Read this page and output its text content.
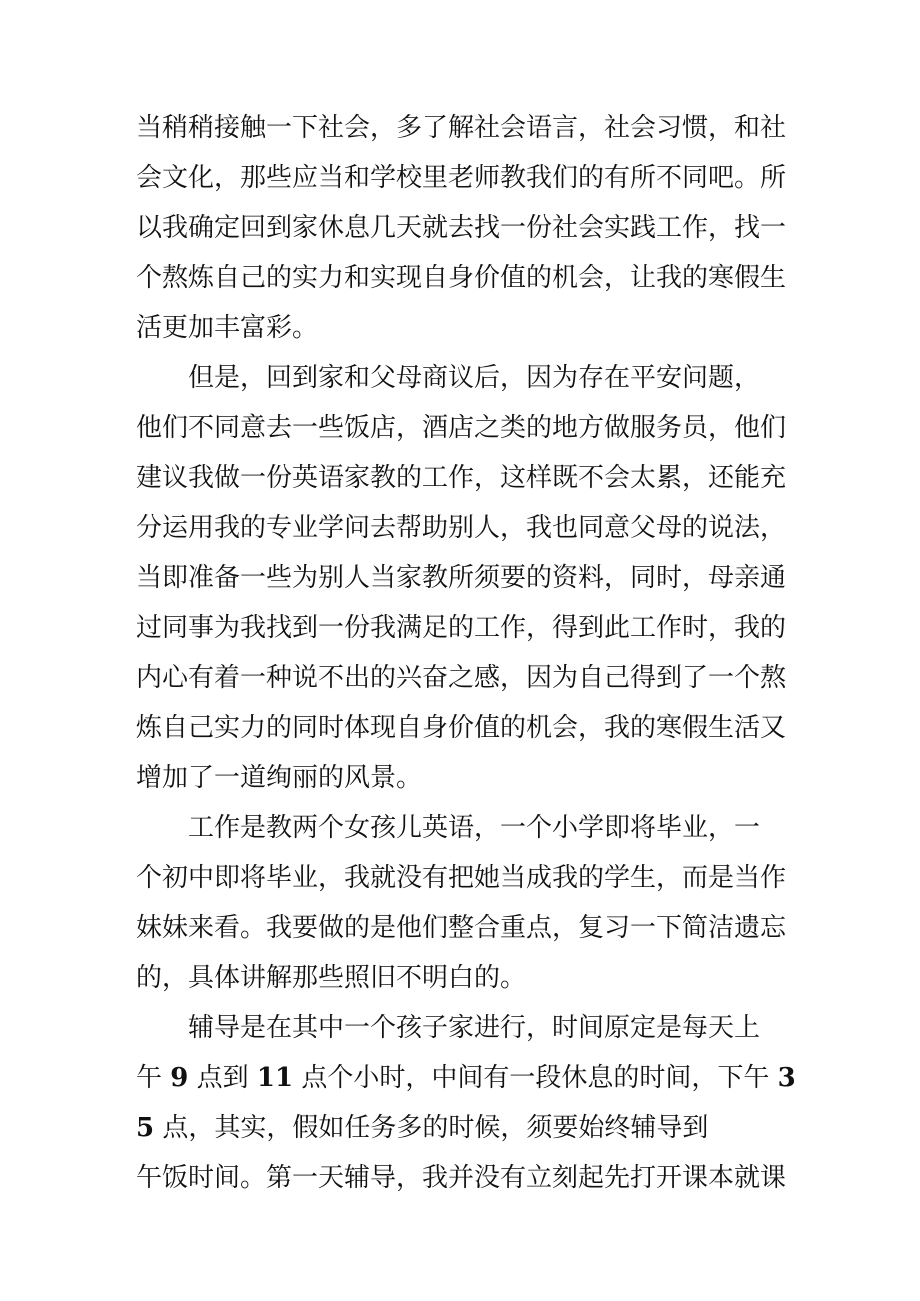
当稍稍接触一下社会，多了解社会语言，社会习惯，和社
会文化，那些应当和学校里老师教我们的有所不同吧。所
以我确定回到家休息几天就去找一份社会实践工作，找一
个熬炼自己的实力和实现自身价值的机会，让我的寒假生
活更加丰富彩。
但是，回到家和父母商议后，因为存在平安问题，
他们不同意去一些饭店，酒店之类的地方做服务员，他们
建议我做一份英语家教的工作，这样既不会太累，还能充
分运用我的专业学问去帮助别人，我也同意父母的说法，
当即准备一些为别人当家教所须要的资料，同时，母亲通
过同事为我找到一份我满足的工作，得到此工作时，我的
内心有着一种说不出的兴奋之感，因为自己得到了一个熬
炼自己实力的同时体现自身价值的机会，我的寒假生活又
增加了一道绚丽的风景。
工作是教两个女孩儿英语，一个小学即将毕业，一
个初中即将毕业，我就没有把她当成我的学生，而是当作
妹妹来看。我要做的是他们整合重点，复习一下简洁遗忘
的，具体讲解那些照旧不明白的。
辅导是在其中一个孩子家进行，时间原定是每天上
午 9 点到 11 点个小时，中间有一段休息的时间，下午 3
5 点，其实，假如任务多的时候，须要始终辅导到
午饭时间。第一天辅导，我并没有立刻起先打开课本就课
